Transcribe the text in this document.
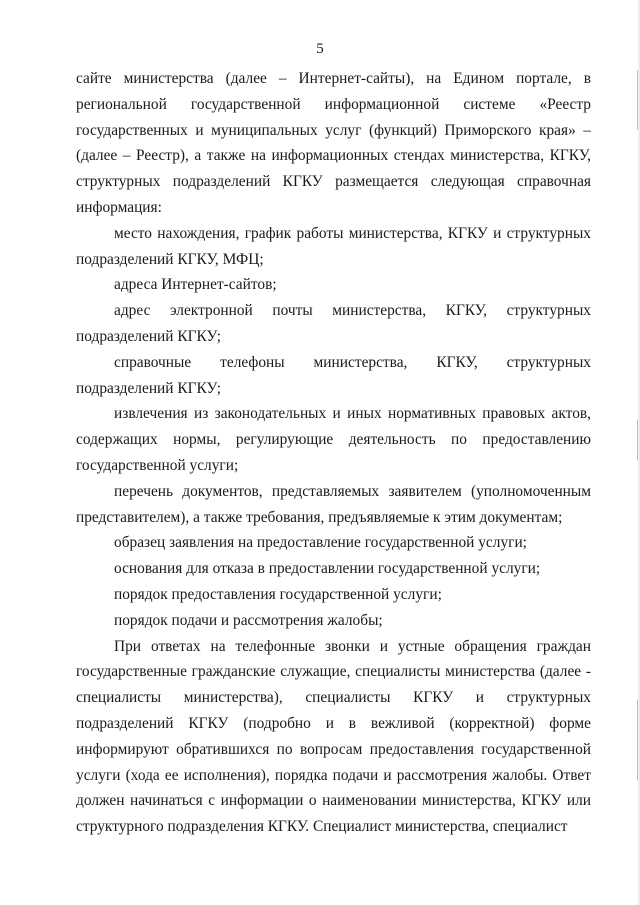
5

сайте министерства (далее – Интернет-сайты), на Едином портале, в региональной государственной информационной системе «Реестр государственных и муниципальных услуг (функций) Приморского края» – (далее – Реестр), а также на информационных стендах министерства, КГКУ, структурных подразделений КГКУ размещается следующая справочная информация:

место нахождения, график работы министерства, КГКУ и структурных подразделений КГКУ, МФЦ;

адреса Интернет-сайтов;

адрес электронной почты министерства, КГКУ, структурных подразделений КГКУ;

справочные телефоны министерства, КГКУ, структурных подразделений КГКУ;

извлечения из законодательных и иных нормативных правовых актов, содержащих нормы, регулирующие деятельность по предоставлению государственной услуги;

перечень документов, представляемых заявителем (уполномоченным представителем), а также требования, предъявляемые к этим документам;

образец заявления на предоставление государственной услуги;

основания для отказа в предоставлении государственной услуги;

порядок предоставления государственной услуги;

порядок подачи и рассмотрения жалобы;

При ответах на телефонные звонки и устные обращения граждан государственные гражданские служащие, специалисты министерства (далее - специалисты министерства), специалисты КГКУ и структурных подразделений КГКУ (подробно и в вежливой (корректной) форме информируют обратившихся по вопросам предоставления государственной услуги (хода ее исполнения), порядка подачи и рассмотрения жалобы. Ответ должен начинаться с информации о наименовании министерства, КГКУ или структурного подразделения КГКУ. Специалист министерства, специалист
